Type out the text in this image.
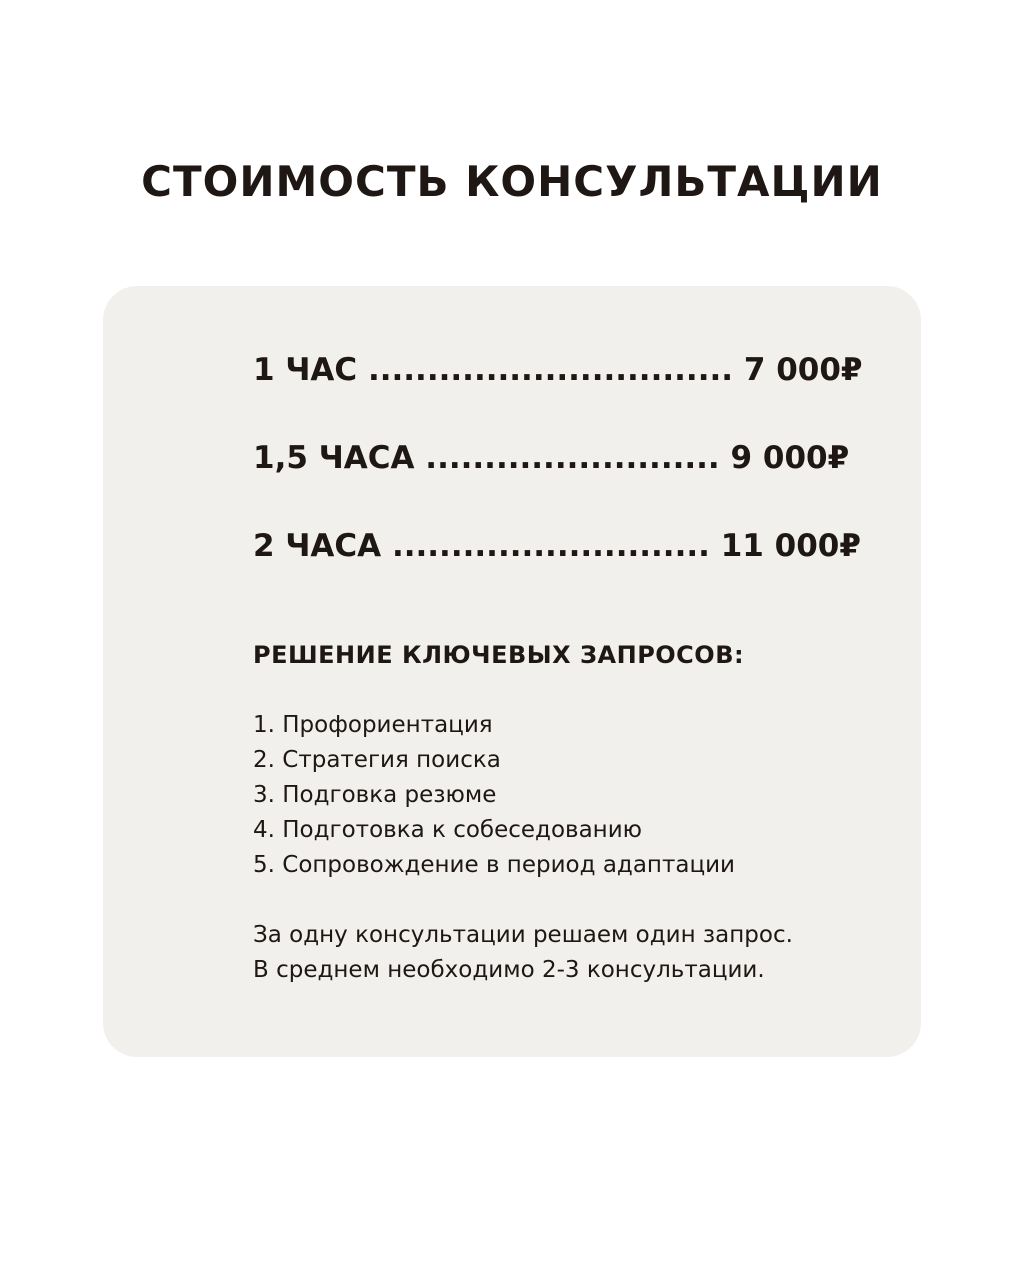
СТОИМОСТЬ КОНСУЛЬТАЦИИ
1 ЧАС ............................... 7 000₽
1,5 ЧАСА ......................... 9 000₽
2 ЧАСА ........................... 11 000₽
РЕШЕНИЕ КЛЮЧЕВЫХ ЗАПРОСОВ:
1. Профориентация
2. Стратегия поиска
3. Подговка резюме
4. Подготовка к собеседованию
5. Сопровождение в период адаптации

За одну консультации решаем один запрос.
В среднем необходимо 2-3 консультации.
